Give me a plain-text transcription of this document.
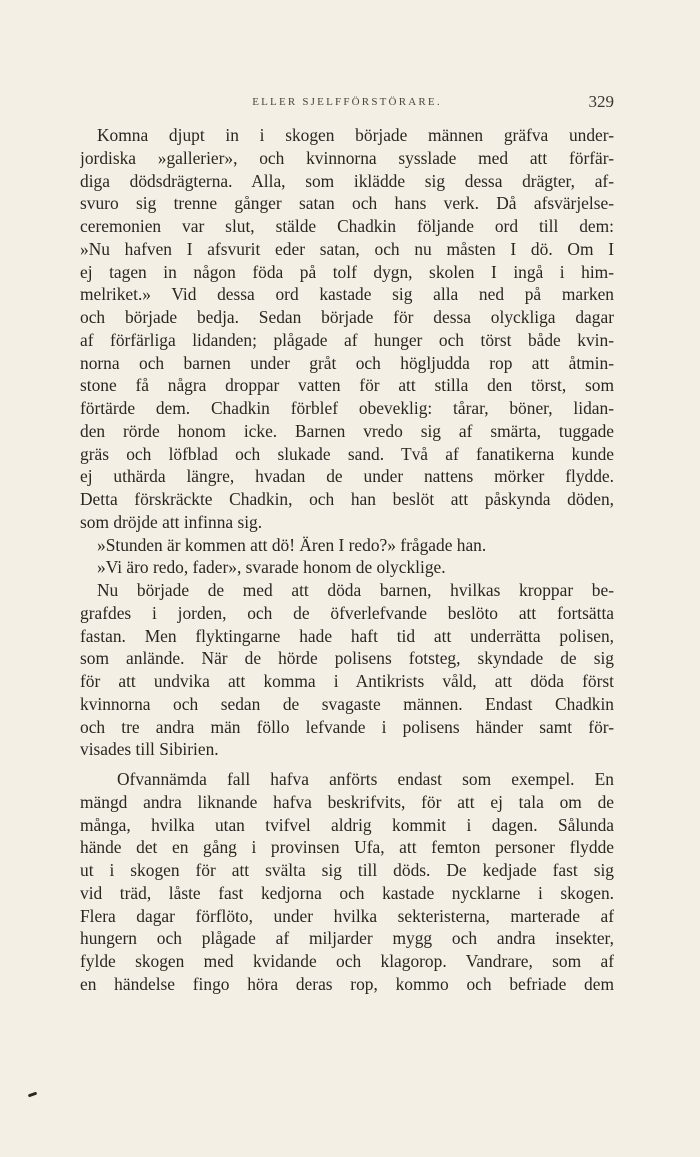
ELLER SJELFFÖRSTÖRARE.	329
Komna djupt in i skogen började männen gräfva under-
jordiska »gallerier», och kvinnorna sysslade med att förfär-
diga dödsdrägterna. Alla, som iklädde sig dessa drägter, af-
svuro sig trenne gånger satan och hans verk. Då afsvärjelse-
ceremonien var slut, stälde Chadkin följande ord till dem:
»Nu hafven I afsvurit eder satan, och nu måsten I dö. Om I
ej tagen in någon föda på tolf dygn, skolen I ingå i him-
melriket.» Vid dessa ord kastade sig alla ned på marken
och började bedja. Sedan började för dessa olyckliga dagar
af förfärliga lidanden; plågade af hunger och törst både kvin-
norna och barnen under gråt och högljudda rop att åtmin-
stone få några droppar vatten för att stilla den törst, som
förtärde dem. Chadkin förblef obeveklig: tårar, böner, lidan-
den rörde honom icke. Barnen vredo sig af smärta, tuggade
gräs och löfblad och slukade sand. Två af fanatikerna kunde
ej uthärda längre, hvadan de under nattens mörker flydde.
Detta förskräckte Chadkin, och han beslöt att påskynda döden,
som dröjde att infinna sig.
»Stunden är kommen att dö! Ären I redo?» frågade han.
»Vi äro redo, fader», svarade honom de olycklige.
Nu började de med att döda barnen, hvilkas kroppar be-
grafdes i jorden, och de öfverlefvande beslöto att fortsätta
fastan. Men flyktingarne hade haft tid att underrätta polisen,
som anlände. När de hörde polisens fotsteg, skyndade de sig
för att undvika att komma i Antikrists våld, att döda först
kvinnorna och sedan de svagaste männen. Endast Chadkin
och tre andra män föllo lefvande i polisens händer samt för-
visades till Sibirien.
Ofvannämda fall hafva anförts endast som exempel. En
mängd andra liknande hafva beskrifvits, för att ej tala om de
många, hvilka utan tvifvel aldrig kommit i dagen. Sålunda
hände det en gång i provinsen Ufa, att femton personer flydde
ut i skogen för att svälta sig till döds. De kedjade fast sig
vid träd, låste fast kedjorna och kastade nycklarne i skogen.
Flera dagar förflöto, under hvilka sekteristerna, marterade af
hungern och plågade af miljarder mygg och andra insekter,
fylde skogen med kvidande och klagorop. Vandrare, som af
en händelse fingo höra deras rop, kommo och befriade dem
